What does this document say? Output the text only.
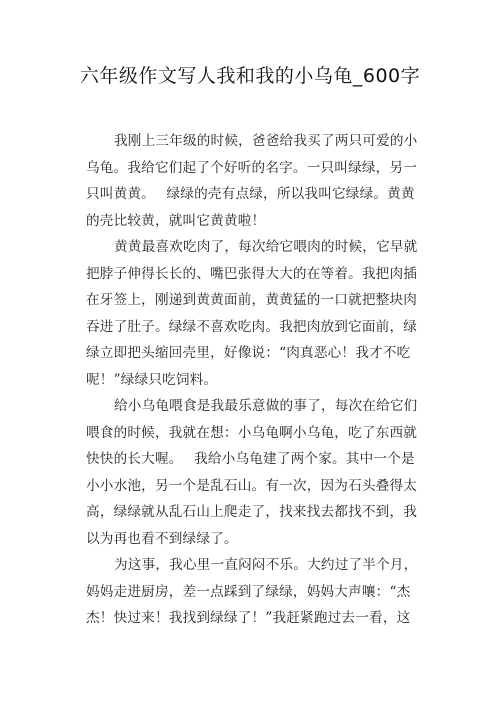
六年级作文写人我和我的小乌龟_600字
我刚上三年级的时候，爸爸给我买了两只可爱的小
乌龟。我给它们起了个好听的名字。一只叫绿绿，另一
只叫黄黄。　 绿绿的壳有点绿，所以我叫它绿绿。黄黄
的壳比较黄，就叫它黄黄啦！
黄黄最喜欢吃肉了，每次给它喂肉的时候，它早就
把脖子伸得长长的、嘴巴张得大大的在等着。我把肉插
在牙签上，刚递到黄黄面前，黄黄猛的一口就把整块肉
吞进了肚子。绿绿不喜欢吃肉。我把肉放到它面前，绿
绿立即把头缩回壳里，好像说：“肉真恶心！我才不吃
呢！”绿绿只吃饲料。
给小乌龟喂食是我最乐意做的事了，每次在给它们
喂食的时候，我就在想：小乌龟啊小乌龟，吃了东西就
快快的长大喔。　 我给小乌龟建了两个家。其中一个是
小小水池，另一个是乱石山。有一次，因为石头叠得太
高，绿绿就从乱石山上爬走了，找来找去都找不到，我
以为再也看不到绿绿了。
为这事，我心里一直闷闷不乐。大约过了半个月，
妈妈走进厨房，差一点踩到了绿绿，妈妈大声嚷：“杰
杰！快过来！我找到绿绿了！”我赶紧跑过去一看，这
